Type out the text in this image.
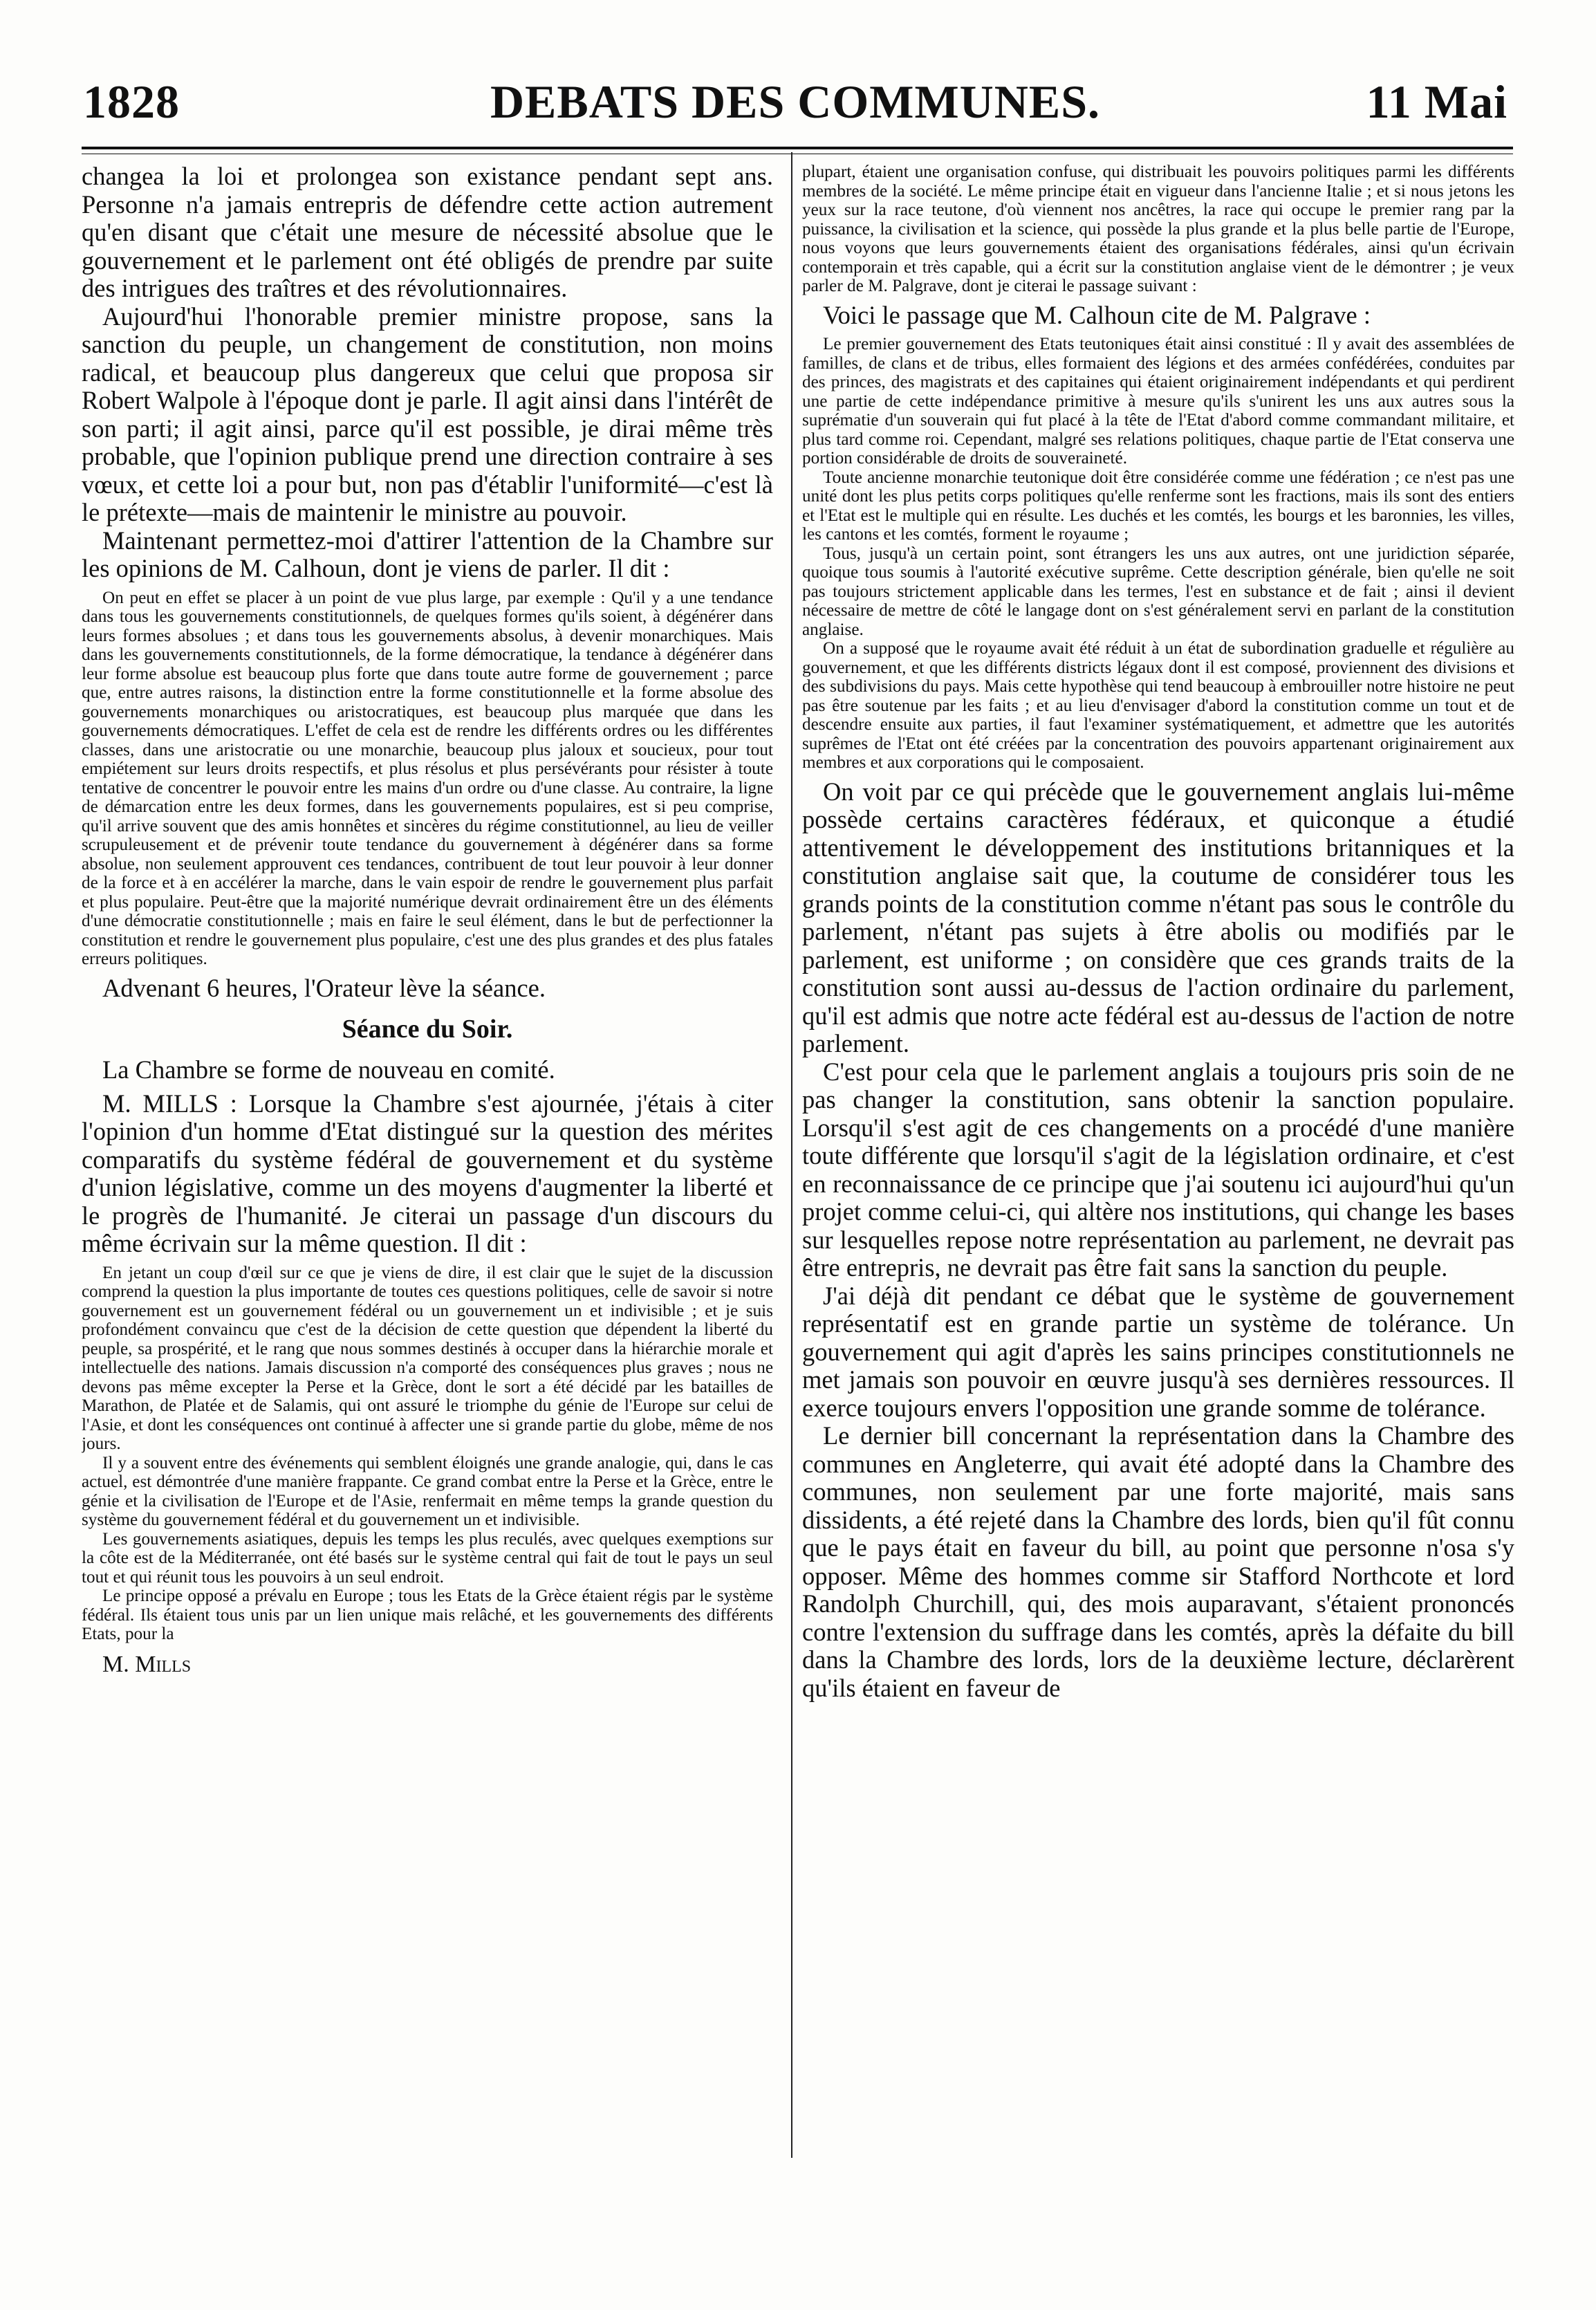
DEBATS DES COMMUNES.
1828	11 Mai

changea la loi et prolongea son existance pendant sept ans. Personne n'a jamais entrepris de défendre cette action autrement qu'en disant que c'était une mesure de nécessité absolue que le gouvernement et le parlement ont été obligés de prendre par suite des intrigues des traîtres et des révolutionnaires.

Aujourd'hui l'honorable premier ministre propose, sans la sanction du peuple, un changement de constitution, non moins radical, et beaucoup plus dangereux que celui que proposa sir Robert Walpole à l'époque dont je parle. Il agit ainsi dans l'intérêt de son parti; il agit ainsi, parce qu'il est possible, je dirai même très probable, que l'opinion publique prend une direction contraire à ses vœux, et cette loi a pour but, non pas d'établir l'uniformité—c'est là le prétexte—mais de maintenir le ministre au pouvoir.

Maintenant permettez-moi d'attirer l'attention de la Chambre sur les opinions de M. Calhoun, dont je viens de parler. Il dit :

On peut en effet se placer à un point de vue plus large, par exemple : Qu'il y a une tendance dans tous les gouvernements constitutionnels, de quelques formes qu'ils soient, à dégénérer dans leurs formes absolues ; et dans tous les gouvernements absolus, à devenir monarchiques. Mais dans les gouvernements constitutionnels, de la forme démocratique, la tendance à dégénérer dans leur forme absolue est beaucoup plus forte que dans toute autre forme de gouvernement ; parce que, entre autres raisons, la distinction entre la forme constitutionnelle et la forme absolue des gouvernements monarchiques ou aristocratiques, est beaucoup plus marquée que dans les gouvernements démocratiques. L'effet de cela est de rendre les différents ordres ou les différentes classes, dans une aristocratie ou une monarchie, beaucoup plus jaloux et soucieux, pour tout empiétement sur leurs droits respectifs, et plus résolus et plus persévérants pour résister à toute tentative de concentrer le pouvoir entre les mains d'un ordre ou d'une classe. Au contraire, la ligne de démarcation entre les deux formes, dans les gouvernements populaires, est si peu comprise, qu'il arrive souvent que des amis honnêtes et sincères du régime constitutionnel, au lieu de veiller scrupuleusement et de prévenir toute tendance du gouvernement à dégénérer dans sa forme absolue, non seulement approuvent ces tendances, contribuent de tout leur pouvoir à leur donner de la force et à en accélérer la marche, dans le vain espoir de rendre le gouvernement plus parfait et plus populaire. Peut-être que la majorité numérique devrait ordinairement être un des éléments d'une démocratie constitutionnelle ; mais en faire le seul élément, dans le but de perfectionner la constitution et rendre le gouvernement plus populaire, c'est une des plus grandes et des plus fatales erreurs politiques.

Advenant 6 heures, l'Orateur lève la séance.

Séance du Soir.

La Chambre se forme de nouveau en comité.

M. MILLS : Lorsque la Chambre s'est ajournée, j'étais à citer l'opinion d'un homme d'Etat distingué sur la question des mérites comparatifs du système fédéral de gouvernement et du système d'union législative, comme un des moyens d'augmenter la liberté et le progrès de l'humanité. Je citerai un passage d'un discours du même écrivain sur la même question. Il dit :

En jetant un coup d'œil sur ce que je viens de dire, il est clair que le sujet de la discussion comprend la question la plus importante de toutes ces questions politiques, celle de savoir si notre gouvernement est un gouvernement fédéral ou un gouvernement un et indivisible ; et je suis profondément convaincu que c'est de la décision de cette question que dépendent la liberté du peuple, sa prospérité, et le rang que nous sommes destinés à occuper dans la hiérarchie morale et intellectuelle des nations. Jamais discussion n'a comporté des conséquences plus graves ; nous ne devons pas même excepter la Perse et la Grèce, dont le sort a été décidé par les batailles de Marathon, de Platée et de Salamis, qui ont assuré le triomphe du génie de l'Europe sur celui de l'Asie, et dont les conséquences ont continué à affecter une si grande partie du globe, même de nos jours.

Il y a souvent entre des événements qui semblent éloignés une grande analogie, qui, dans le cas actuel, est démontrée d'une manière frappante. Ce grand combat entre la Perse et la Grèce, entre le génie et la civilisation de l'Europe et de l'Asie, renfermait en même temps la grande question du système du gouvernement fédéral et du gouvernement un et indivisible.

Les gouvernements asiatiques, depuis les temps les plus reculés, avec quelques exemptions sur la côte est de la Méditerranée, ont été basés sur le système central qui fait de tout le pays un seul tout et qui réunit tous les pouvoirs à un seul endroit.

Le principe opposé a prévalu en Europe ; tous les Etats de la Grèce étaient régis par le système fédéral. Ils étaient tous unis par un lien unique mais relâché, et les gouvernements des différents Etats, pour la

M. Mills

plupart, étaient une organisation confuse, qui distribuait les pouvoirs politiques parmi les différents membres de la société. Le même principe était en vigueur dans l'ancienne Italie ; et si nous jetons les yeux sur la race teutone, d'où viennent nos ancêtres, la race qui occupe le premier rang par la puissance, la civilisation et la science, qui possède la plus grande et la plus belle partie de l'Europe, nous voyons que leurs gouvernements étaient des organisations fédérales, ainsi qu'un écrivain contemporain et très capable, qui a écrit sur la constitution anglaise vient de le démontrer ; je veux parler de M. Palgrave, dont je citerai le passage suivant :

Voici le passage que M. Calhoun cite de M. Palgrave :

Le premier gouvernement des Etats teutoniques était ainsi constitué : Il y avait des assemblées de familles, de clans et de tribus, elles formaient des légions et des armées confédérées, conduites par des princes, des magistrats et des capitaines qui étaient originairement indépendants et qui perdirent une partie de cette indépendance primitive à mesure qu'ils s'unirent les uns aux autres sous la suprématie d'un souverain qui fut placé à la tête de l'Etat d'abord comme commandant militaire, et plus tard comme roi. Cependant, malgré ses relations politiques, chaque partie de l'Etat conserva une portion considérable de droits de souveraineté.

Toute ancienne monarchie teutonique doit être considérée comme une fédération ; ce n'est pas une unité dont les plus petits corps politiques qu'elle renferme sont les fractions, mais ils sont des entiers et l'Etat est le multiple qui en résulte. Les duchés et les comtés, les bourgs et les baronnies, les villes, les cantons et les comtés, forment le royaume ;

Tous, jusqu'à un certain point, sont étrangers les uns aux autres, ont une juridiction séparée, quoique tous soumis à l'autorité exécutive suprême. Cette description générale, bien qu'elle ne soit pas toujours strictement applicable dans les termes, l'est en substance et de fait ; ainsi il devient nécessaire de mettre de côté le langage dont on s'est généralement servi en parlant de la constitution anglaise.

On a supposé que le royaume avait été réduit à un état de subordination graduelle et régulière au gouvernement, et que les différents districts légaux dont il est composé, proviennent des divisions et des subdivisions du pays. Mais cette hypothèse qui tend beaucoup à embrouiller notre histoire ne peut pas être soutenue par les faits ; et au lieu d'envisager d'abord la constitution comme un tout et de descendre ensuite aux parties, il faut l'examiner systématiquement, et admettre que les autorités suprêmes de l'Etat ont été créées par la concentration des pouvoirs appartenant originairement aux membres et aux corporations qui le composaient.

On voit par ce qui précède que le gouvernement anglais lui-même possède certains caractères fédéraux, et quiconque a étudié attentivement le développement des institutions britanniques et la constitution anglaise sait que, la coutume de considérer tous les grands points de la constitution comme n'étant pas sous le contrôle du parlement, n'étant pas sujets à être abolis ou modifiés par le parlement, est uniforme ; on considère que ces grands traits de la constitution sont aussi au-dessus de l'action ordinaire du parlement, qu'il est admis que notre acte fédéral est au-dessus de l'action de notre parlement.

C'est pour cela que le parlement anglais a toujours pris soin de ne pas changer la constitution, sans obtenir la sanction populaire. Lorsqu'il s'est agit de ces changements on a procédé d'une manière toute différente que lorsqu'il s'agit de la législation ordinaire, et c'est en reconnaissance de ce principe que j'ai soutenu ici aujourd'hui qu'un projet comme celui-ci, qui altère nos institutions, qui change les bases sur lesquelles repose notre représentation au parlement, ne devrait pas être entrepris, ne devrait pas être fait sans la sanction du peuple.

J'ai déjà dit pendant ce débat que le système de gouvernement représentatif est en grande partie un système de tolérance. Un gouvernement qui agit d'après les sains principes constitutionnels ne met jamais son pouvoir en œuvre jusqu'à ses dernières ressources. Il exerce toujours envers l'opposition une grande somme de tolérance.

Le dernier bill concernant la représentation dans la Chambre des communes en Angleterre, qui avait été adopté dans la Chambre des communes, non seulement par une forte majorité, mais sans dissidents, a été rejeté dans la Chambre des lords, bien qu'il fût connu que le pays était en faveur du bill, au point que personne n'osa s'y opposer. Même des hommes comme sir Stafford Northcote et lord Randolph Churchill, qui, des mois auparavant, s'étaient prononcés contre l'extension du suffrage dans les comtés, après la défaite du bill dans la Chambre des lords, lors de la deuxième lecture, déclarèrent qu'ils étaient en faveur de
